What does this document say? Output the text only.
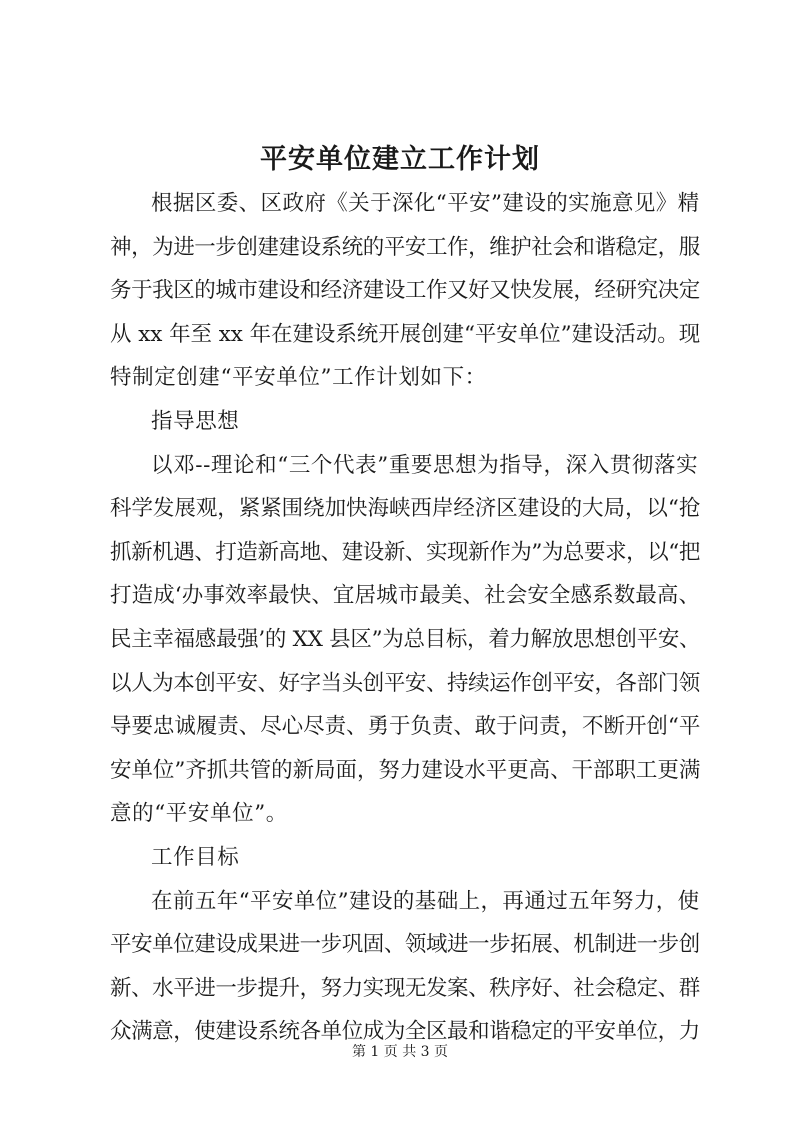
平安单位建立工作计划
根据区委、区政府《关于深化“平安”建设的实施意见》精
神，为进一步创建建设系统的平安工作，维护社会和谐稳定，服
务于我区的城市建设和经济建设工作又好又快发展，经研究决定
从 xx 年至 xx 年在建设系统开展创建“平安单位”建设活动。现
特制定创建“平安单位”工作计划如下：
指导思想
以邓--理论和“三个代表”重要思想为指导，深入贯彻落实
科学发展观，紧紧围绕加快海峡西岸经济区建设的大局，以“抢
抓新机遇、打造新高地、建设新、实现新作为”为总要求，以“把
打造成‘办事效率最快、宜居城市最美、社会安全感系数最高、
民主幸福感最强’的 XX 县区”为总目标，着力解放思想创平安、
以人为本创平安、好字当头创平安、持续运作创平安，各部门领
导要忠诚履责、尽心尽责、勇于负责、敢于问责，不断开创“平
安单位”齐抓共管的新局面，努力建设水平更高、干部职工更满
意的“平安单位”。
工作目标
在前五年“平安单位”建设的基础上，再通过五年努力，使
平安单位建设成果进一步巩固、领域进一步拓展、机制进一步创
新、水平进一步提升，努力实现无发案、秩序好、社会稳定、群
众满意，使建设系统各单位成为全区最和谐稳定的平安单位，力
第 1 页 共 3 页
